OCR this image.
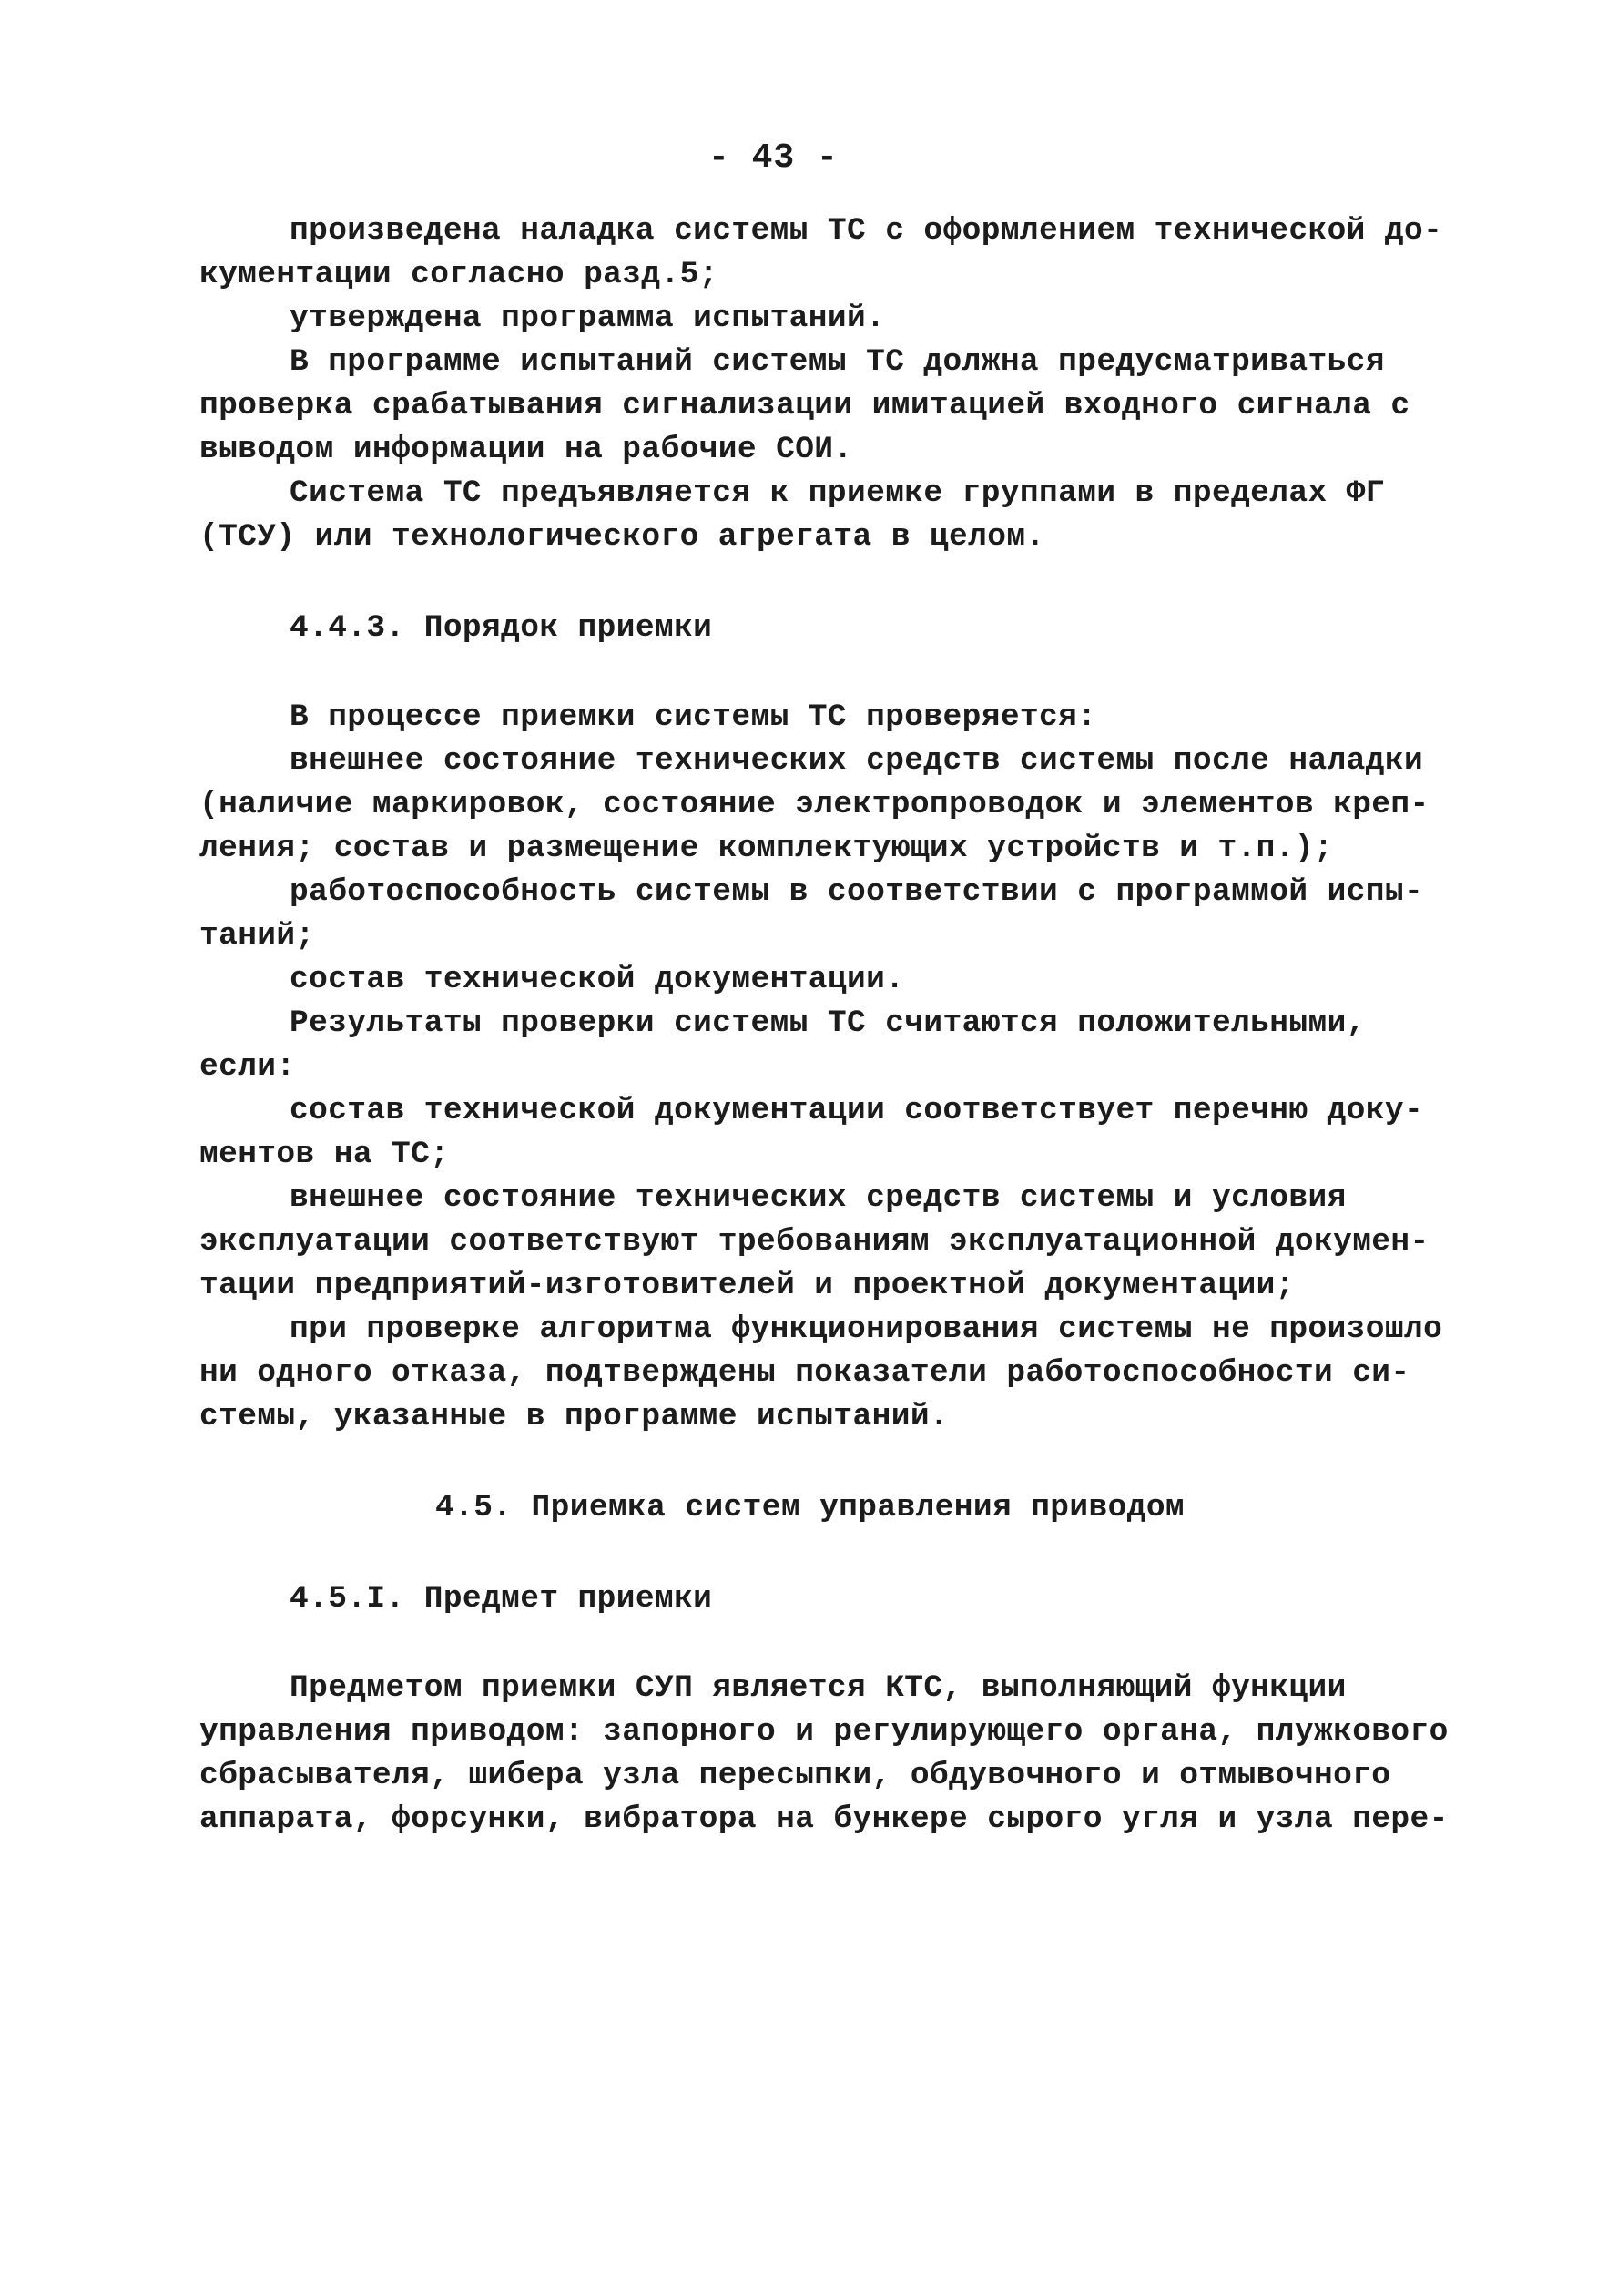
- 43 -
произведена наладка системы ТС с оформлением технической до-
кументации согласно разд.5;
утверждена программа испытаний.
В программе испытаний системы ТС должна предусматриваться
проверка срабатывания сигнализации имитацией входного сигнала с
выводом информации на рабочие СОИ.
Система ТС предъявляется к приемке группами в пределах ФГ
(ТСУ) или технологического агрегата в целом.
4.4.3. Порядок приемки
В процессе приемки системы ТС проверяется:
внешнее состояние технических средств системы после наладки
(наличие маркировок, состояние электропроводок и элементов креп-
ления; состав и размещение комплектующих устройств и т.п.);
работоспособность системы в соответствии с программой испы-
таний;
состав технической документации.
Результаты проверки системы ТС считаются положительными,
если:
состав технической документации соответствует перечню доку-
ментов на ТС;
внешнее состояние технических средств системы и условия
эксплуатации соответствуют требованиям эксплуатационной докумен-
тации предприятий-изготовителей и проектной документации;
при проверке алгоритма функционирования системы не произошло
ни одного отказа, подтверждены показатели работоспособности си-
стемы, указанные в программе испытаний.
4.5. Приемка систем управления приводом
4.5.I. Предмет приемки
Предметом приемки СУП является КТС, выполняющий функции
управления приводом: запорного и регулирующего органа, плужкового
сбрасывателя, шибера узла пересыпки, обдувочного и отмывочного
аппарата, форсунки, вибратора на бункере сырого угля и узла пере-
